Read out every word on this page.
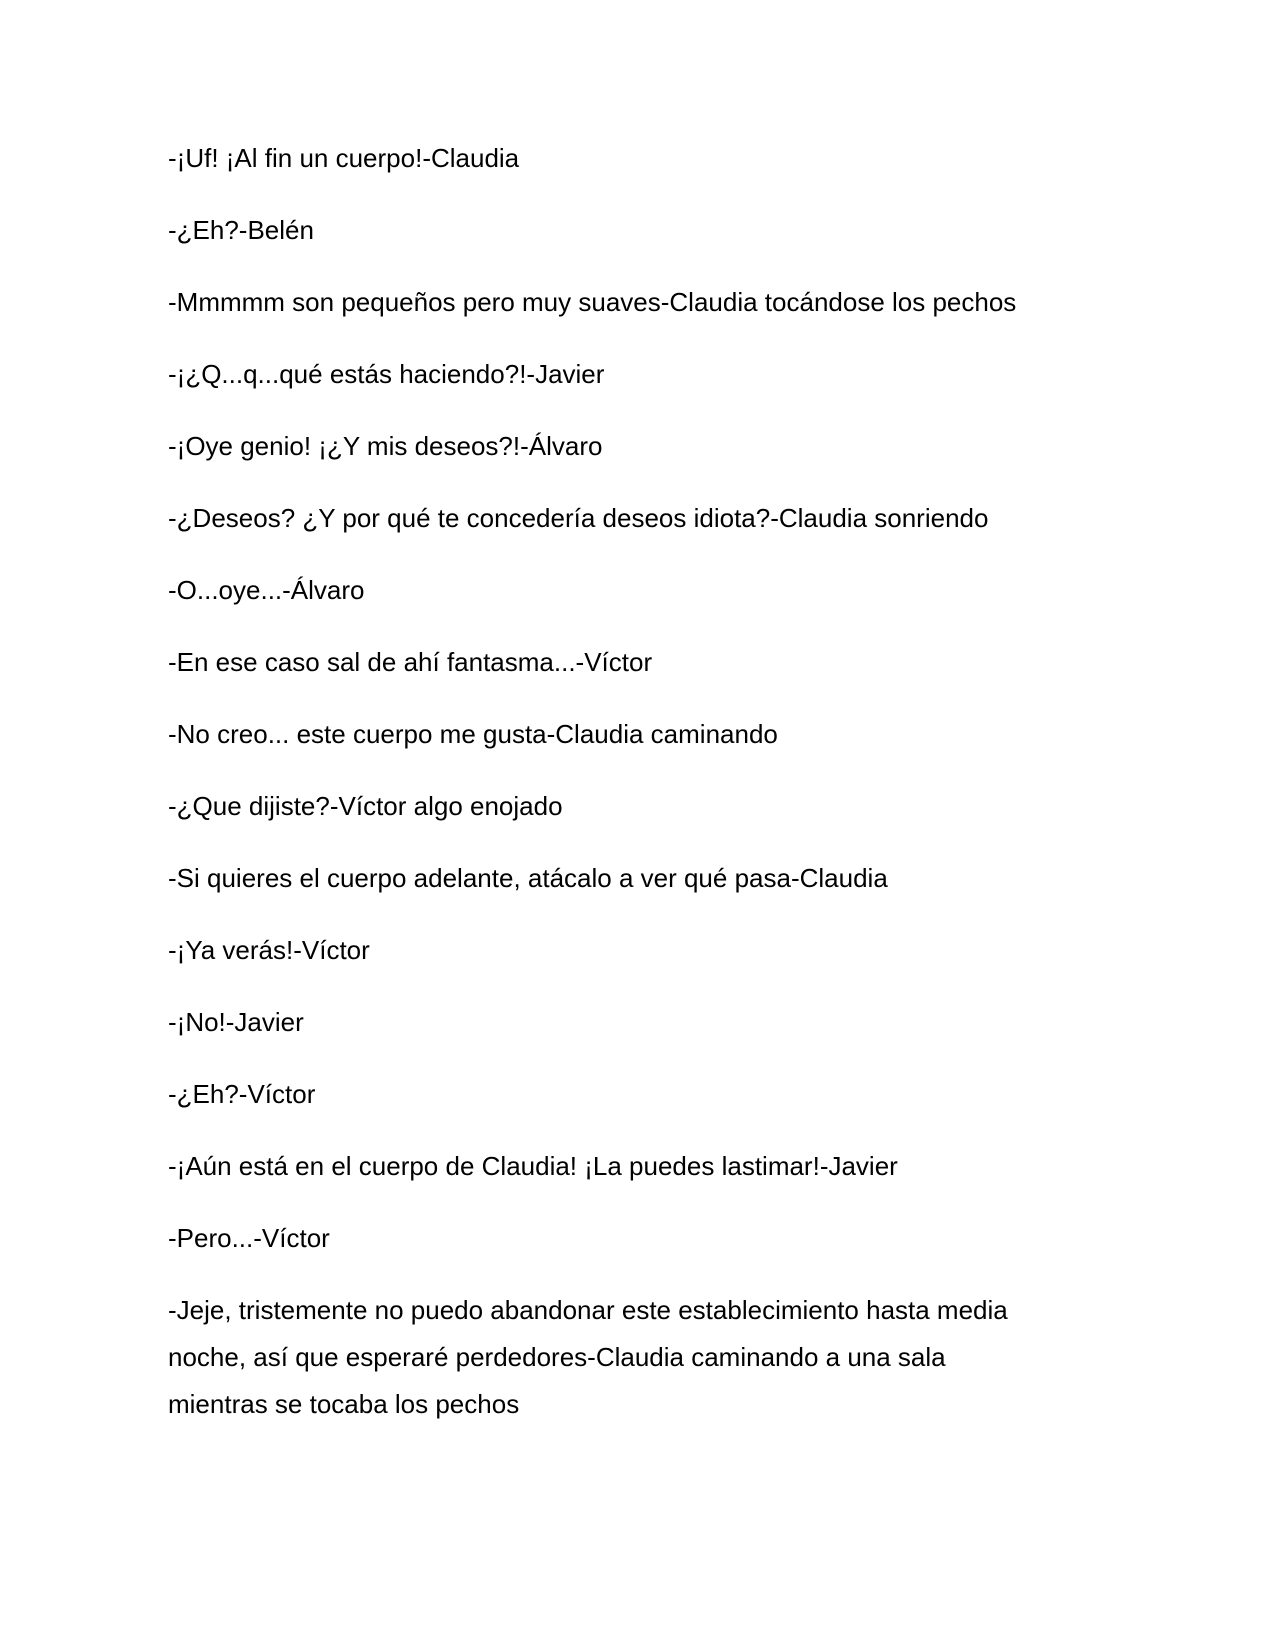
-¡Uf! ¡Al fin un cuerpo!-Claudia
-¿Eh?-Belén
-Mmmmm son pequeños pero muy suaves-Claudia tocándose los pechos
-¡¿Q...q...qué estás haciendo?!-Javier
-¡Oye genio! ¡¿Y mis deseos?!-Álvaro
-¿Deseos? ¿Y por qué te concedería deseos idiota?-Claudia sonriendo
-O...oye...-Álvaro
-En ese caso sal de ahí fantasma...-Víctor
-No creo... este cuerpo me gusta-Claudia caminando
-¿Que dijiste?-Víctor algo enojado
-Si quieres el cuerpo adelante, atácalo a ver qué pasa-Claudia
-¡Ya verás!-Víctor
-¡No!-Javier
-¿Eh?-Víctor
-¡Aún está en el cuerpo de Claudia! ¡La puedes lastimar!-Javier
-Pero...-Víctor
-Jeje, tristemente no puedo abandonar este establecimiento hasta media
noche, así que esperaré perdedores-Claudia caminando a una sala
mientras se tocaba los pechos
